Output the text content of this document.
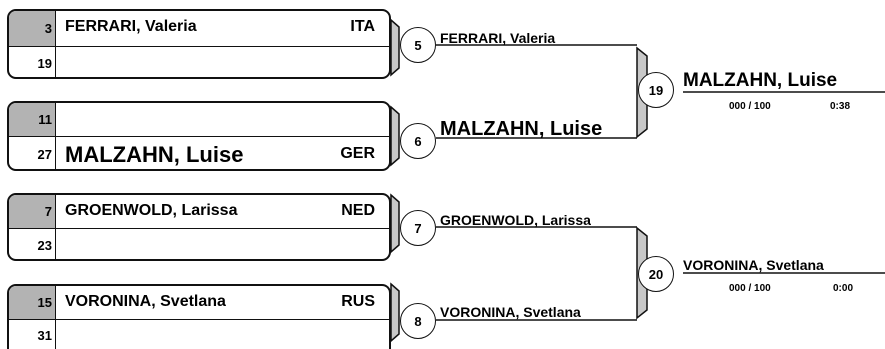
3 FERRARI, Valeria	ITA
19
11
27 MALZAHN, Luise	GER
7 GROENWOLD, Larissa	NED
23
15 VORONINA, Svetlana	RUS
31
5 FERRARI, Valeria
6
MALZAHN, Luise
7 GROENWOLD, Larissa
8
VORONINA, Svetlana
19 MALZAHN, Luise
000 / 100	0:38
20
VORONINA, Svetlana
000 / 100	0:00
